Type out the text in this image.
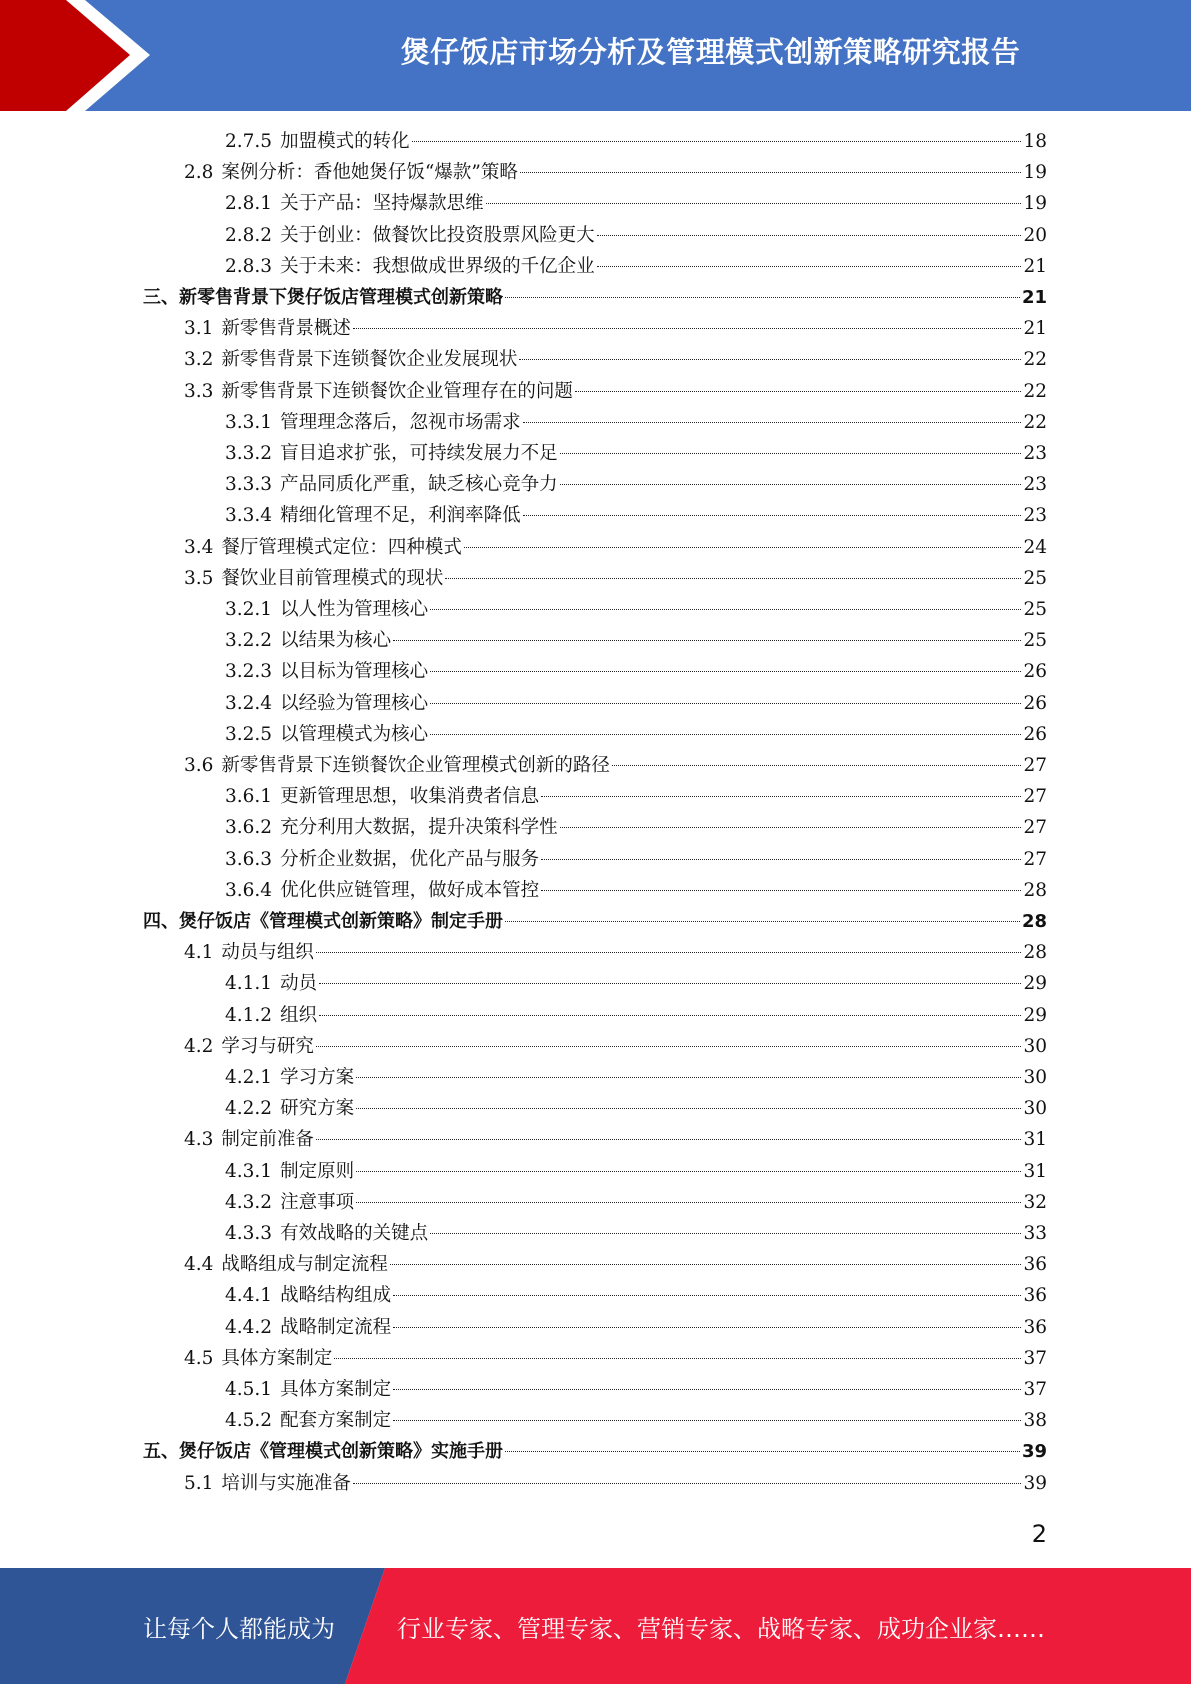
煲仔饭店市场分析及管理模式创新策略研究报告
2.7.5 加盟模式的转化	18
2.8 案例分析：香他她煲仔饭“爆款”策略	19
2.8.1 关于产品：坚持爆款思维	19
2.8.2 关于创业：做餐饮比投资股票风险更大	20
2.8.3 关于未来：我想做成世界级的千亿企业	21
三、 新零售背景下煲仔饭店管理模式创新策略	21
3.1 新零售背景概述	21
3.2 新零售背景下连锁餐饮企业发展现状	22
3.3 新零售背景下连锁餐饮企业管理存在的问题	22
3.3.1 管理理念落后，忽视市场需求	22
3.3.2 盲目追求扩张，可持续发展力不足	23
3.3.3 产品同质化严重，缺乏核心竞争力	23
3.3.4 精细化管理不足，利润率降低	23
3.4 餐厅管理模式定位：四种模式	24
3.5 餐饮业目前管理模式的现状	25
3.2.1 以人性为管理核心	25
3.2.2 以结果为核心	25
3.2.3 以目标为管理核心	26
3.2.4 以经验为管理核心	26
3.2.5 以管理模式为核心	26
3.6 新零售背景下连锁餐饮企业管理模式创新的路径	27
3.6.1 更新管理思想，收集消费者信息	27
3.6.2 充分利用大数据，提升决策科学性	27
3.6.3 分析企业数据，优化产品与服务	27
3.6.4 优化供应链管理，做好成本管控	28
四、 煲仔饭店《管理模式创新策略》制定手册	28
4.1 动员与组织	28
4.1.1 动员	29
4.1.2 组织	29
4.2 学习与研究	30
4.2.1 学习方案	30
4.2.2 研究方案	30
4.3 制定前准备	31
4.3.1 制定原则	31
4.3.2 注意事项	32
4.3.3 有效战略的关键点	33
4.4 战略组成与制定流程	36
4.4.1 战略结构组成	36
4.4.2 战略制定流程	36
4.5 具体方案制定	37
4.5.1 具体方案制定	37
4.5.2 配套方案制定	38
五、 煲仔饭店《管理模式创新策略》实施手册	39
5.1 培训与实施准备	39
2
让每个人都能成为	行业专家、管理专家、营销专家、战略专家、成功企业家……
